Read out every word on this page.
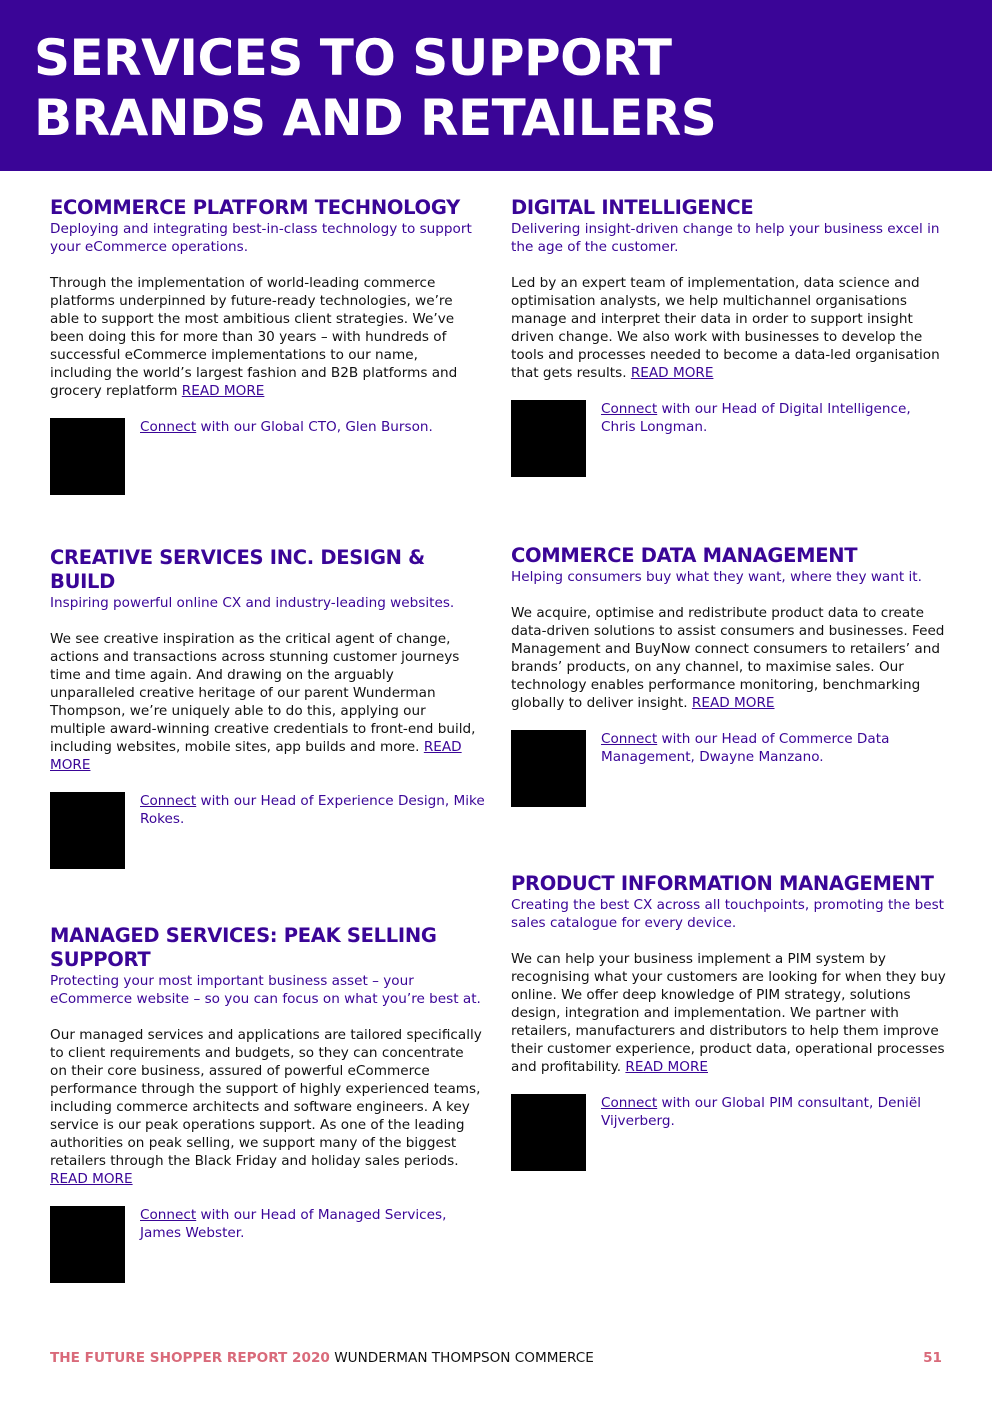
SERVICES TO SUPPORT
BRANDS AND RETAILERS
ECOMMERCE PLATFORM TECHNOLOGY

Deploying and integrating best-in-class technology to support your eCommerce operations.

Through the implementation of world-leading commerce platforms underpinned by future-ready technologies, we’re able to support the most ambitious client strategies. We’ve been doing this for more than 30 years – with hundreds of successful eCommerce implementations to our name, including the world’s largest fashion and B2B platforms and grocery replatform READ MORE

Connect with our Global CTO, Glen Burson.

CREATIVE SERVICES INC. DESIGN & BUILD

Inspiring powerful online CX and industry-leading websites.

We see creative inspiration as the critical agent of change, actions and transactions across stunning customer journeys time and time again. And drawing on the arguably unparalleled creative heritage of our parent Wunderman Thompson, we’re uniquely able to do this, applying our multiple award-winning creative credentials to front-end build, including websites, mobile sites, app builds and more. READ MORE

Connect with our Head of Experience Design, Mike Rokes.

MANAGED SERVICES: PEAK SELLING SUPPORT

Protecting your most important business asset – your eCommerce website – so you can focus on what you’re best at.

Our managed services and applications are tailored specifically to client requirements and budgets, so they can concentrate on their core business, assured of powerful eCommerce performance through the support of highly experienced teams, including commerce architects and software engineers. A key service is our peak operations support. As one of the leading authorities on peak selling, we support many of the biggest retailers through the Black Friday and holiday sales periods. READ MORE

Connect with our Head of Managed Services, James Webster.

DIGITAL INTELLIGENCE

Delivering insight-driven change to help your business excel in the age of the customer.

Led by an expert team of implementation, data science and optimisation analysts, we help multichannel organisations manage and interpret their data in order to support insight driven change. We also work with businesses to develop the tools and processes needed to become a data-led organisation that gets results. READ MORE

Connect with our Head of Digital Intelligence, Chris Longman.

COMMERCE DATA MANAGEMENT

Helping consumers buy what they want, where they want it.

We acquire, optimise and redistribute product data to create data-driven solutions to assist consumers and businesses. Feed Management and BuyNow connect consumers to retailers’ and brands’ products, on any channel, to maximise sales. Our technology enables performance monitoring, benchmarking globally to deliver insight. READ MORE

Connect with our Head of Commerce Data Management, Dwayne Manzano.

PRODUCT INFORMATION MANAGEMENT

Creating the best CX across all touchpoints, promoting the best sales catalogue for every device.

We can help your business implement a PIM system by recognising what your customers are looking for when they buy online. We offer deep knowledge of PIM strategy, solutions design, integration and implementation. We partner with retailers, manufacturers and distributors to help them improve their customer experience, product data, operational processes and profitability. READ MORE

Connect with our Global PIM consultant, Deniël Vijverberg.

THE FUTURE SHOPPER REPORT 2020 WUNDERMAN THOMPSON COMMERCE	51
